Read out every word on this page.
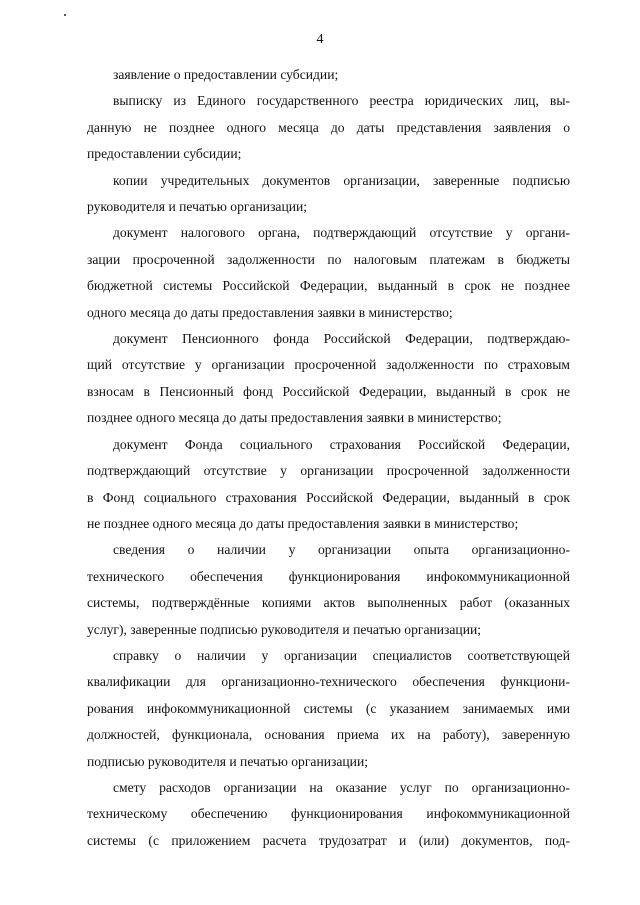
4
заявление о предоставлении субсидии;
выписку из Единого государственного реестра юридических лиц, вы-
данную не позднее одного месяца до даты представления заявления о
предоставлении субсидии;
копии учредительных документов организации, заверенные подписью
руководителя и печатью организации;
документ налогового органа, подтверждающий отсутствие у органи-
зации просроченной задолженности по налоговым платежам в бюджеты
бюджетной системы Российской Федерации, выданный в срок не позднее
одного месяца до даты предоставления заявки в министерство;
документ Пенсионного фонда Российской Федерации, подтверждаю-
щий отсутствие у организации просроченной задолженности по страховым
взносам в Пенсионный фонд Российской Федерации, выданный в срок не
позднее одного месяца до даты предоставления заявки в министерство;
документ Фонда социального страхования Российской Федерации,
подтверждающий отсутствие у организации просроченной задолженности
в Фонд социального страхования Российской Федерации, выданный в срок
не позднее одного месяца до даты предоставления заявки в министерство;
сведения о наличии у организации опыта организационно-
технического обеспечения функционирования инфокоммуникационной
системы, подтверждённые копиями актов выполненных работ (оказанных
услуг), заверенные подписью руководителя и печатью организации;
справку о наличии у организации специалистов соответствующей
квалификации для организационно-технического обеспечения функциони-
рования инфокоммуникационной системы (с указанием занимаемых ими
должностей, функционала, основания приема их на работу), заверенную
подписью руководителя и печатью организации;
смету расходов организации на оказание услуг по организационно-
техническому обеспечению функционирования инфокоммуникационной
системы (с приложением расчета трудозатрат и (или) документов, под-
